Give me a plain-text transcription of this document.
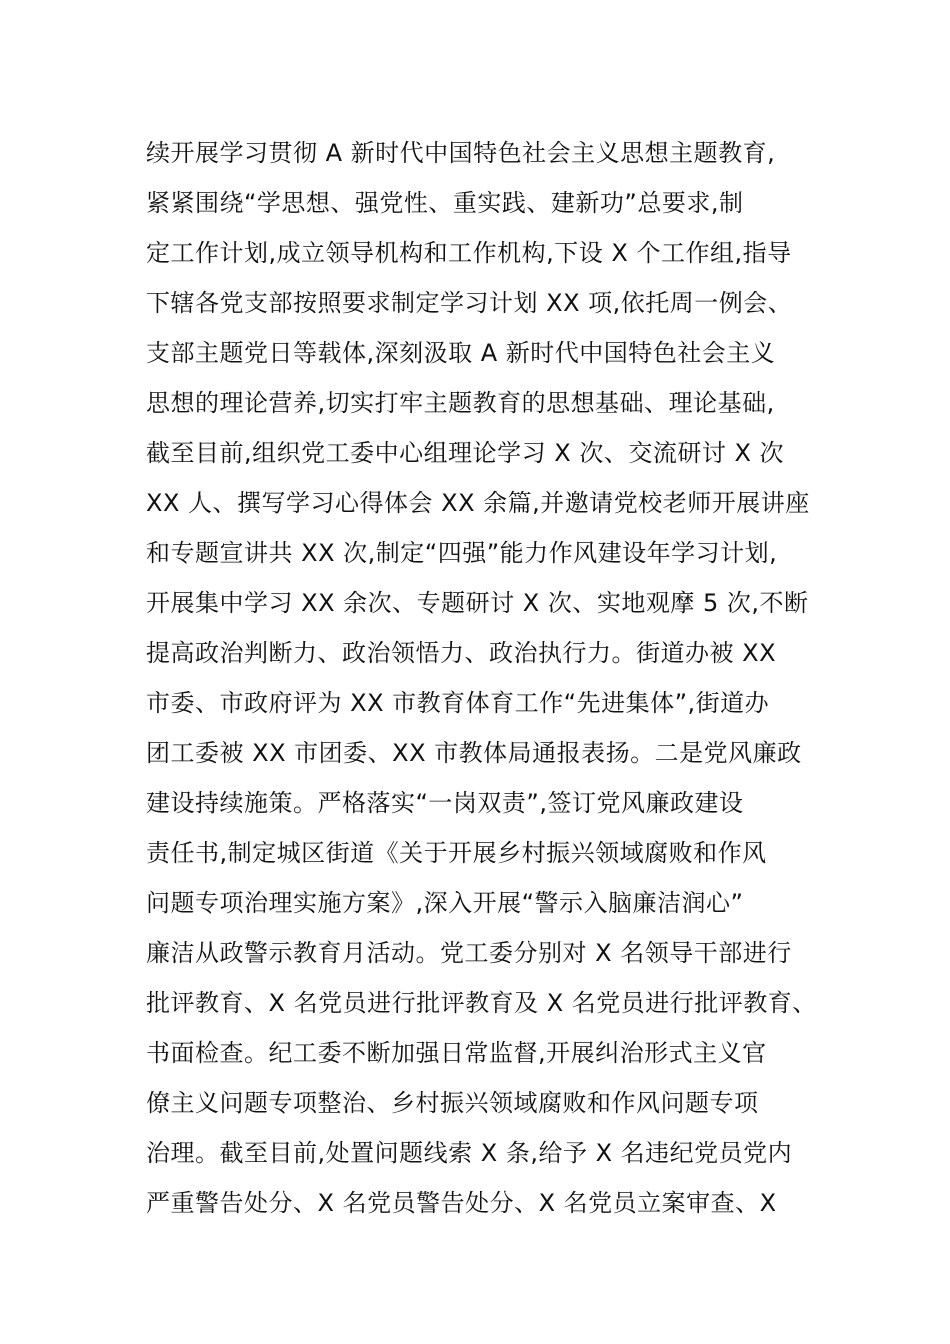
续开展学习贯彻 A 新时代中国特色社会主义思想主题教育,
紧紧围绕“学思想、强党性、重实践、建新功”总要求,制
定工作计划,成立领导机构和工作机构,下设 X 个工作组,指导
下辖各党支部按照要求制定学习计划 XX 项,依托周一例会、
支部主题党日等载体,深刻汲取 A 新时代中国特色社会主义
思想的理论营养,切实打牢主题教育的思想基础、理论基础,
截至目前,组织党工委中心组理论学习 X 次、交流研讨 X 次
XX 人、撰写学习心得体会 XX 余篇,并邀请党校老师开展讲座
和专题宣讲共 XX 次,制定“四强”能力作风建设年学习计划,
开展集中学习 XX 余次、专题研讨 X 次、实地观摩 5 次,不断
提高政治判断力、政治领悟力、政治执行力。街道办被 XX
市委、市政府评为 XX 市教育体育工作“先进集体”,街道办
团工委被 XX 市团委、XX 市教体局通报表扬。二是党风廉政
建设持续施策。严格落实“一岗双责”,签订党风廉政建设
责任书,制定城区街道《关于开展乡村振兴领域腐败和作风
问题专项治理实施方案》,深入开展“警示入脑廉洁润心”
廉洁从政警示教育月活动。党工委分别对 X 名领导干部进行
批评教育、X 名党员进行批评教育及 X 名党员进行批评教育、
书面检查。纪工委不断加强日常监督,开展纠治形式主义官
僚主义问题专项整治、乡村振兴领域腐败和作风问题专项
治理。截至目前,处置问题线索 X 条,给予 X 名违纪党员党内
严重警告处分、X 名党员警告处分、X 名党员立案审查、X
